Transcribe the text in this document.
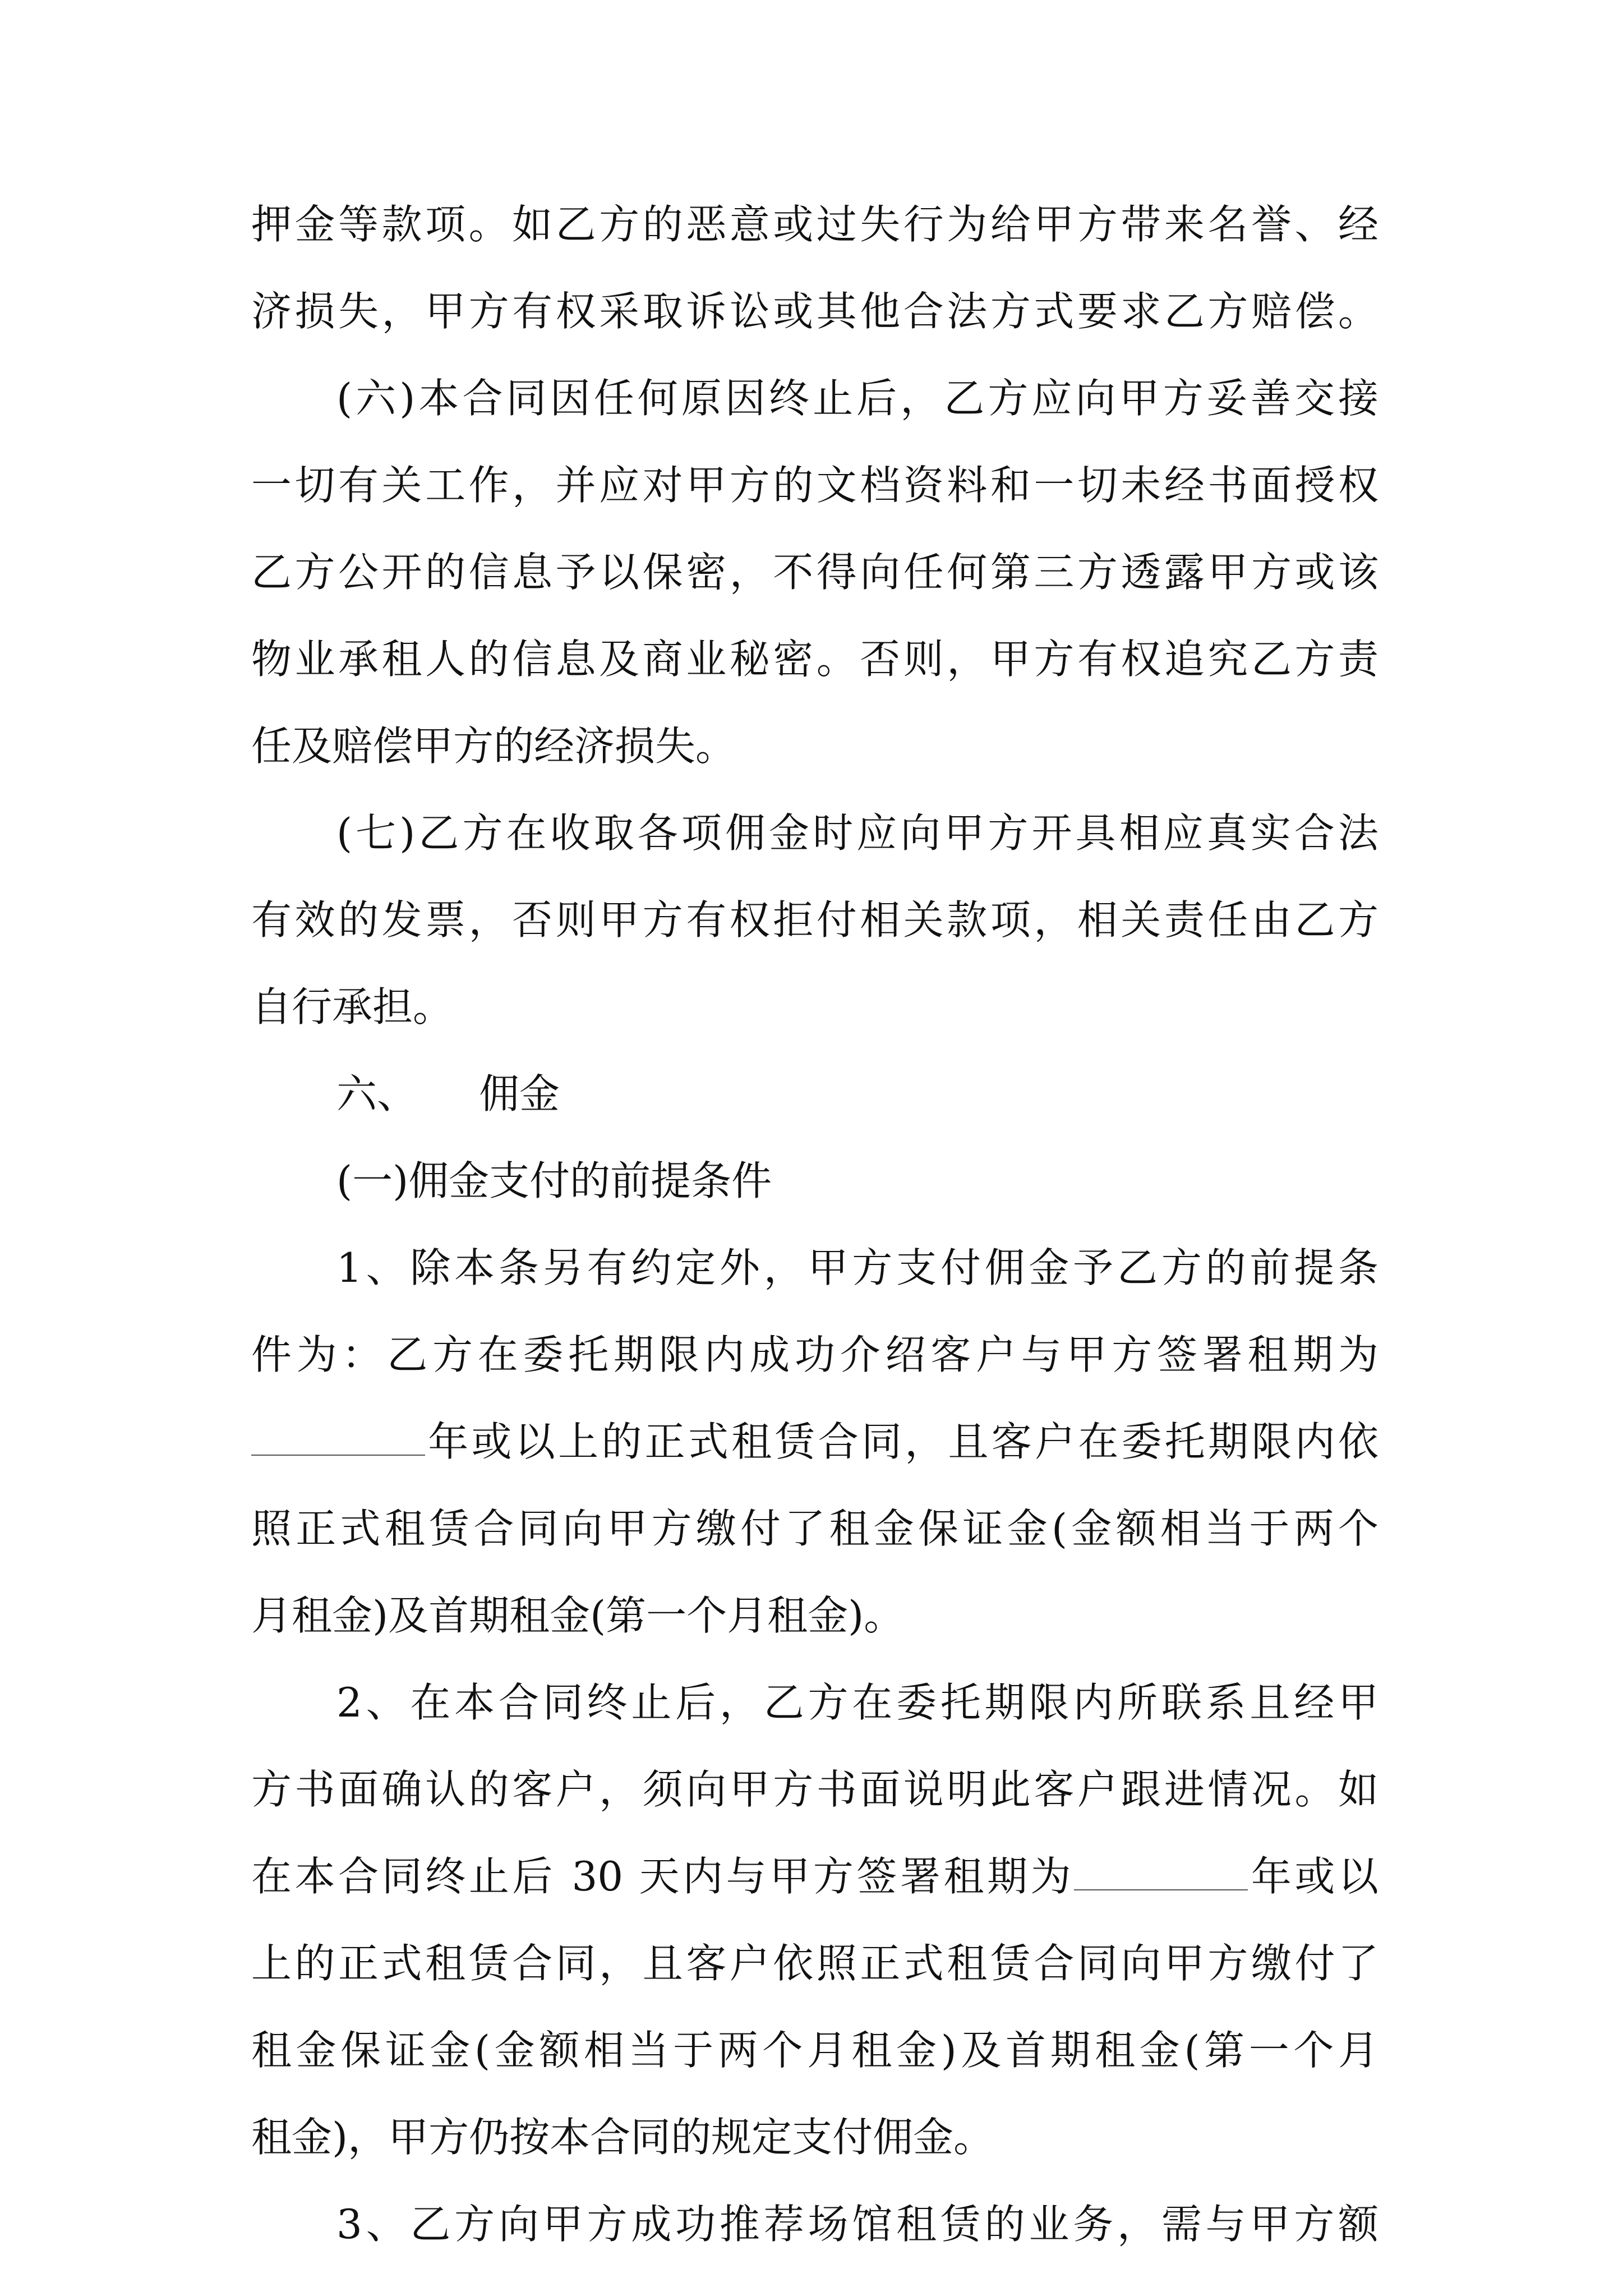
押金等款项。如乙方的恶意或过失行为给甲方带来名誉、经
济损失，甲方有权采取诉讼或其他合法方式要求乙方赔偿。
(六)本合同因任何原因终止后，乙方应向甲方妥善交接
一切有关工作，并应对甲方的文档资料和一切未经书面授权
乙方公开的信息予以保密，不得向任何第三方透露甲方或该
物业承租人的信息及商业秘密。否则，甲方有权追究乙方责
任及赔偿甲方的经济损失。
(七)乙方在收取各项佣金时应向甲方开具相应真实合法
有效的发票，否则甲方有权拒付相关款项，相关责任由乙方
自行承担。
六、 佣金
(一)佣金支付的前提条件
1、除本条另有约定外，甲方支付佣金予乙方的前提条
件为：乙方在委托期限内成功介绍客户与甲方签署租期为
年或以上的正式租赁合同，且客户在委托期限内依
照正式租赁合同向甲方缴付了租金保证金(金额相当于两个
月租金)及首期租金(第一个月租金)。
2、在本合同终止后，乙方在委托期限内所联系且经甲
方书面确认的客户，须向甲方书面说明此客户跟进情况。如
在本合同终止后 30 天内与甲方签署租期为	年或以
上的正式租赁合同，且客户依照正式租赁合同向甲方缴付了
租金保证金(金额相当于两个月租金)及首期租金(第一个月
租金)，甲方仍按本合同的规定支付佣金。
3、乙方向甲方成功推荐场馆租赁的业务，需与甲方额
